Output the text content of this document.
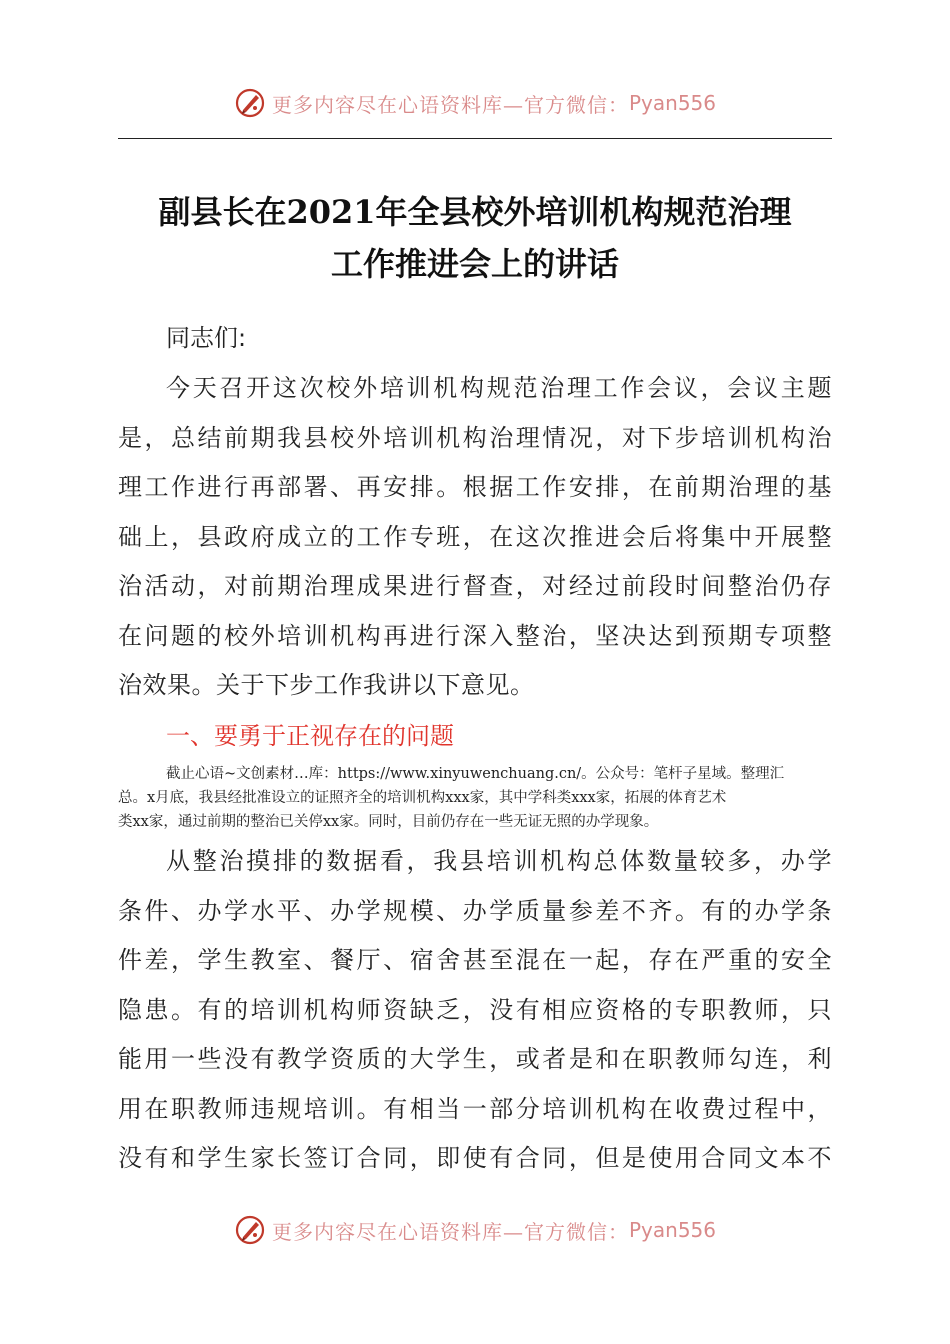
更多内容尽在心语资料库—官方微信： Pyan556
副县长在2021年全县校外培训机构规范治理
工作推进会上的讲话
同志们:
今天召开这次校外培训机构规范治理工作会议，会议主题
是，总结前期我县校外培训机构治理情况，对下步培训机构治
理工作进行再部署、再安排。根据工作安排，在前期治理的基
础上，县政府成立的工作专班，在这次推进会后将集中开展整
治活动，对前期治理成果进行督查，对经过前段时间整治仍存
在问题的校外培训机构再进行深入整治，坚决达到预期专项整
治效果。关于下步工作我讲以下意见。
一、要勇于正视存在的问题
截止心语~文创素材…库：https://www.xinyuwenchuang.cn/。公众号：笔杆子星域。整理汇
总。x月底，我县经批准设立的证照齐全的培训机构xxx家，其中学科类xxx家，拓展的体育艺术
类xx家，通过前期的整治已关停xx家。同时，目前仍存在一些无证无照的办学现象。
从整治摸排的数据看，我县培训机构总体数量较多，办学
条件、办学水平、办学规模、办学质量参差不齐。有的办学条
件差，学生教室、餐厅、宿舍甚至混在一起，存在严重的安全
隐患。有的培训机构师资缺乏，没有相应资格的专职教师，只
能用一些没有教学资质的大学生，或者是和在职教师勾连，利
用在职教师违规培训。有相当一部分培训机构在收费过程中，
没有和学生家长签订合同，即使有合同，但是使用合同文本不
更多内容尽在心语资料库—官方微信： Pyan556
